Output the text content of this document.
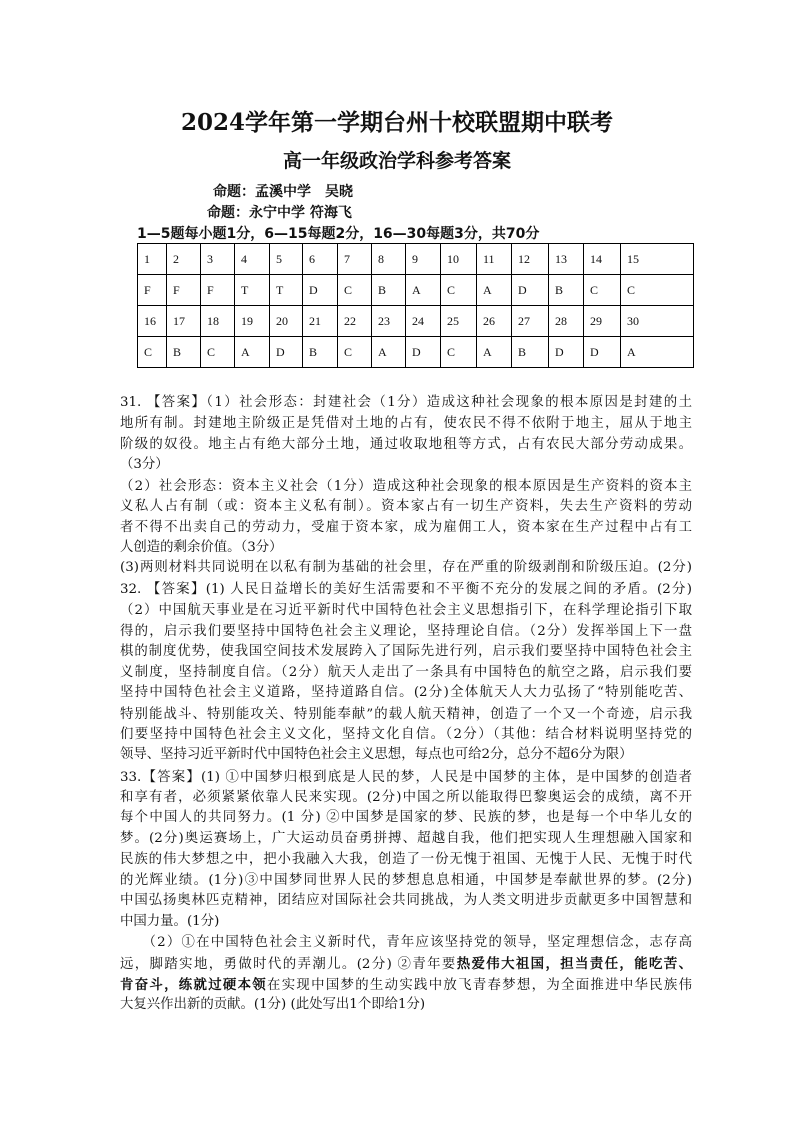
2024学年第一学期台州十校联盟期中联考
高一年级政治学科参考答案
命题：孟溪中学　吴晓
命题：永宁中学 符海飞
1—5题每小题1分，6—15每题2分，16—30每题3分，共70分
1	2	3	4	5	6	7	8	9	10	11	12	13	14	15
F	F	F	T	T	D	C	B	A	C	A	D	B	C	C
16	17	18	19	20	21	22	23	24	25	26	27	28	29	30
C	B	C	A	D	B	C	A	D	C	A	B	D	D	A
31. 【答案】（1）社会形态：封建社会（1分）造成这种社会现象的根本原因是封建的土
地所有制。封建地主阶级正是凭借对土地的占有，使农民不得不依附于地主，屈从于地主
阶级的奴役。地主占有绝大部分土地，通过收取地租等方式，占有农民大部分劳动成果。
（3分）
（2）社会形态：资本主义社会（1分）造成这种社会现象的根本原因是生产资料的资本主
义私人占有制（或：资本主义私有制）。资本家占有一切生产资料，失去生产资料的劳动
者不得不出卖自己的劳动力，受雇于资本家，成为雇佣工人，资本家在生产过程中占有工
人创造的剩余价值。（3分）
(3)两则材料共同说明在以私有制为基础的社会里，存在严重的阶级剥削和阶级压迫。(2分)
32. 【答案】(1) 人民日益增长的美好生活需要和不平衡不充分的发展之间的矛盾。(2分)
（2）中国航天事业是在习近平新时代中国特色社会主义思想指引下，在科学理论指引下取
得的，启示我们要坚持中国特色社会主义理论，坚持理论自信。（2分）发挥举国上下一盘
棋的制度优势，使我国空间技术发展跨入了国际先进行列，启示我们要坚持中国特色社会主
义制度，坚持制度自信。（2分）航天人走出了一条具有中国特色的航空之路，启示我们要
坚持中国特色社会主义道路，坚持道路自信。(2分)全体航天人大力弘扬了“特别能吃苦、
特别能战斗、特别能攻关、特别能奉献”的载人航天精神，创造了一个又一个奇迹，启示我
们要坚持中国特色社会主义文化，坚持文化自信。（2分）（其他：结合材料说明坚持党的
领导、坚持习近平新时代中国特色社会主义思想，每点也可给2分，总分不超6分为限）
33.【答案】(1) ①中国梦归根到底是人民的梦，人民是中国梦的主体，是中国梦的创造者
和享有者，必须紧紧依靠人民来实现。(2分)中国之所以能取得巴黎奥运会的成绩，离不开
每个中国人的共同努力。(1 分) ②中国梦是国家的梦、民族的梦，也是每一个中华儿女的
梦。(2分)奥运赛场上，广大运动员奋勇拼搏、超越自我，他们把实现人生理想融入国家和
民族的伟大梦想之中，把小我融入大我，创造了一份无愧于祖国、无愧于人民、无愧于时代
的光辉业绩。(1分)③中国梦同世界人民的梦想息息相通，中国梦是奉献世界的梦。(2分)
中国弘扬奥林匹克精神，团结应对国际社会共同挑战，为人类文明进步贡献更多中国智慧和
中国力量。(1分)
　　（2）①在中国特色社会主义新时代，青年应该坚持党的领导，坚定理想信念，志存高
远，脚踏实地，勇做时代的弄潮儿。(2分) ②青年要热爱伟大祖国，担当责任，能吃苦、
肯奋斗，练就过硬本领在实现中国梦的生动实践中放飞青春梦想，为全面推进中华民族伟
大复兴作出新的贡献。(1分) (此处写出1个即给1分)
